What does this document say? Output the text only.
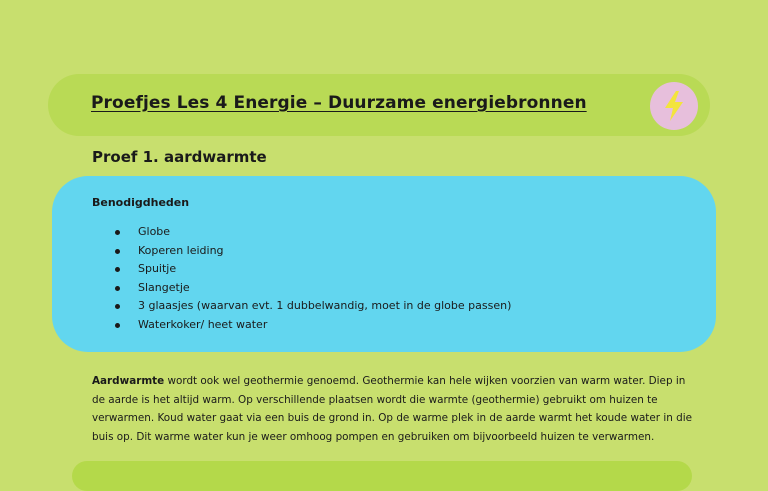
Proefjes Les 4 Energie – Duurzame energiebronnen
Proef 1. aardwarmte
Benodigdheden
Globe
Koperen leiding
Spuitje
Slangetje
3 glaasjes (waarvan evt. 1 dubbelwandig, moet in de globe passen)
Waterkoker/ heet water

Aardwarmte wordt ook wel geothermie genoemd. Geothermie kan hele wijken voorzien van warm water. Diep in de aarde is het altijd warm. Op verschillende plaatsen wordt die warmte (geothermie) gebruikt om huizen te verwarmen. Koud water gaat via een buis de grond in. Op de warme plek in de aarde warmt het koude water in die buis op. Dit warme water kun je weer omhoog pompen en gebruiken om bijvoorbeeld huizen te verwarmen.
